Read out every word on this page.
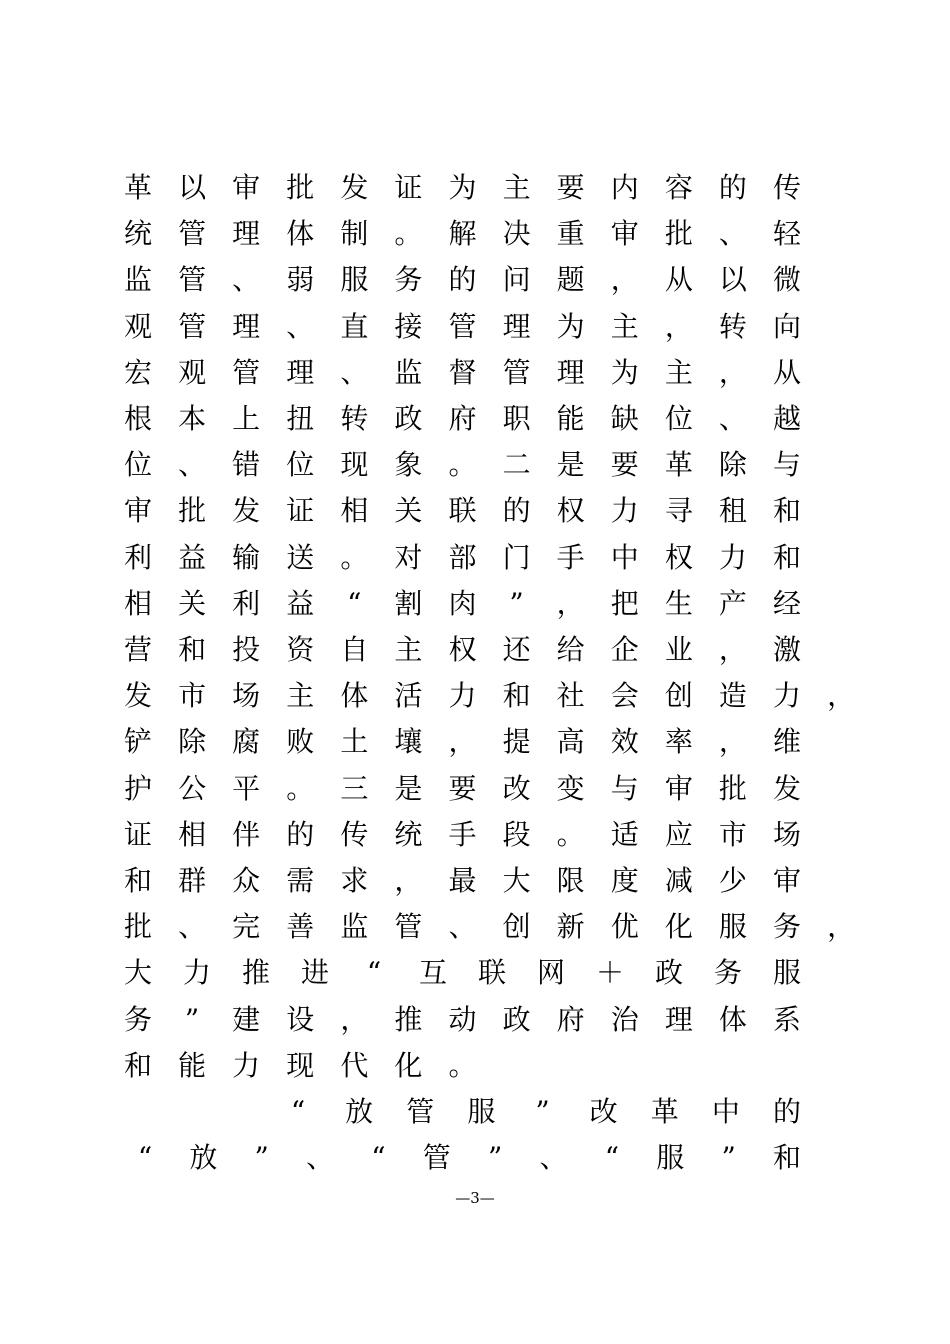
革 以 审 批 发 证 为 主 要 内 容 的 传
统 管 理 体 制 。 解 决 重 审 批 、 轻
监 管 、 弱 服 务 的 问 题 ， 从 以 微
观 管 理 、 直 接 管 理 为 主 ， 转 向
宏 观 管 理 、 监 督 管 理 为 主 ， 从
根 本 上 扭 转 政 府 职 能 缺 位 、 越
位 、 错 位 现 象 。 二 是 要 革 除 与
审 批 发 证 相 关 联 的 权 力 寻 租 和
利 益 输 送 。 对 部 门 手 中 权 力 和
相 关 利 益	“	割 肉	”	， 把 生 产 经
营 和 投 资 自 主 权 还 给 企 业 ， 激
发 市 场 主 体 活 力 和 社 会 创 造 力 ，
铲 除 腐 败 土 壤 ， 提 高 效 率 ， 维
护 公 平 。 三 是 要 改 变 与 审 批 发
证 相 伴 的 传 统 手 段 。 适 应 市 场
和 群 众 需 求 ， 最 大 限 度 减 少 审
批 、 完 善 监 管 、 创 新 优 化 服 务 ，
大 力 推 进	“	互 联 网 ＋ 政 务 服
务	”	建 设 ， 推 动 政 府 治 理 体 系
和 能 力 现 代 化 。
“	放 管 服	”	改 革 中 的
“	放	”	、	“	管	”	、	“	服	”	和
—3—
